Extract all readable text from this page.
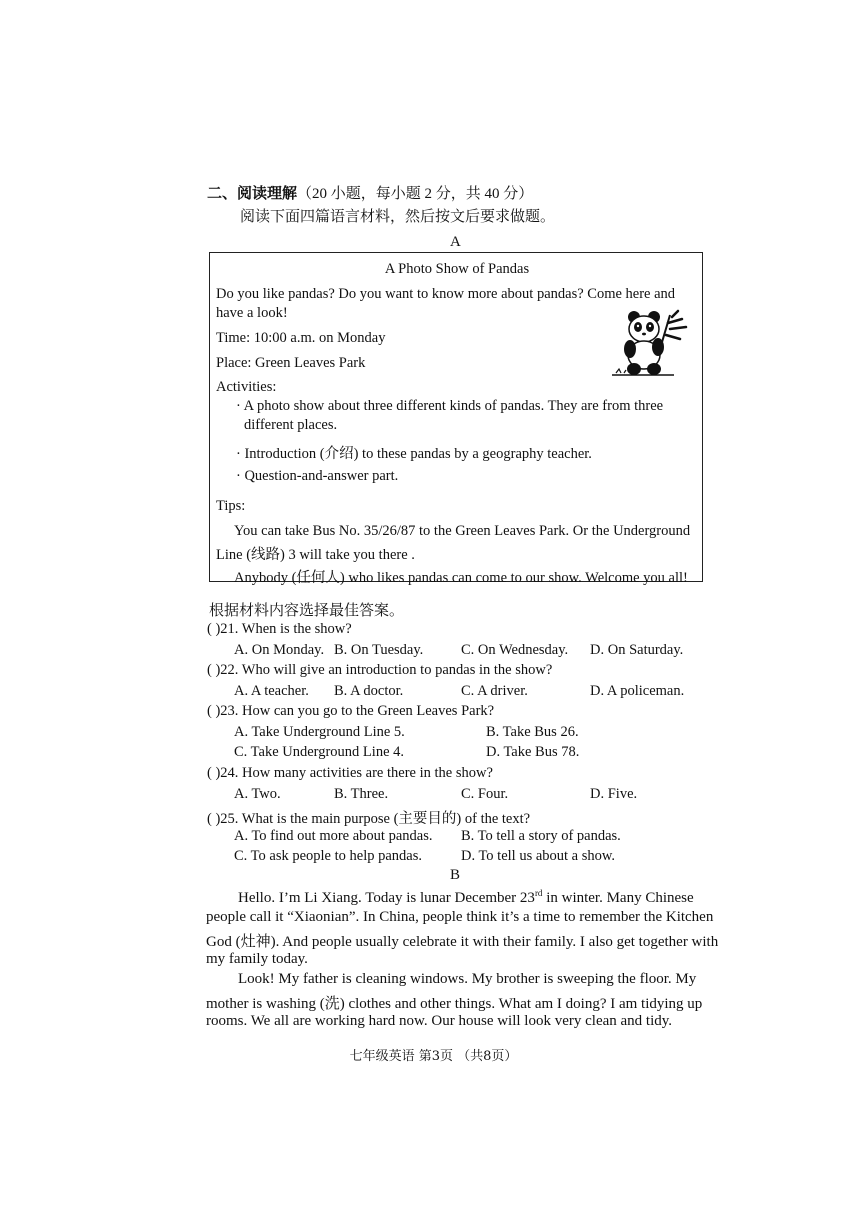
二、阅读理解（20 小题，每小题 2 分，共 40 分）
阅读下面四篇语言材料，然后按文后要求做题。
A
A Photo Show of Pandas
Do you like pandas? Do you want to know more about pandas? Come here and
have a look!
Time: 10:00 a.m. on Monday
Place: Green Leaves Park
Activities:
· A photo show about three different kinds of pandas. They are from three
different places.
· Introduction (介绍) to these pandas by a geography teacher.
· Question-and-answer part.
Tips:
You can take Bus No. 35/26/87 to the Green Leaves Park. Or the Underground
Line (线路) 3 will take you there .
Anybody (任何人) who likes pandas can come to our show. Welcome you all!
根据材料内容选择最佳答案。
( )21. When is the show?
A. On Monday. B. On Tuesday.	C. On Wednesday. D. On Saturday.
( )22. Who will give an introduction to pandas in the show?
A. A teacher. B. A doctor.	C. A driver.	D. A policeman.
( )23. How can you go to the Green Leaves Park?
A. Take Underground Line 5.	B. Take Bus 26.
C. Take Underground Line 4.	D. Take Bus 78.
( )24. How many activities are there in the show?
A. Two.	B. Three.	C. Four.	D. Five.
( )25. What is the main purpose (主要目的) of the text?
A. To find out more about pandas. B. To tell a story of pandas.
C. To ask people to help pandas.	D. To tell us about a show.
B
Hello. I’m Li Xiang. Today is lunar December 23rd in winter. Many Chinese
people call it “Xiaonian”. In China, people think it’s a time to remember the Kitchen
God (灶神). And people usually celebrate it with their family. I also get together with
my family today.
Look! My father is cleaning windows. My brother is sweeping the floor. My
mother is washing (洗) clothes and other things. What am I doing? I am tidying up
rooms. We all are working hard now. Our house will look very clean and tidy.
七年级英语 第3页 （共8页）
